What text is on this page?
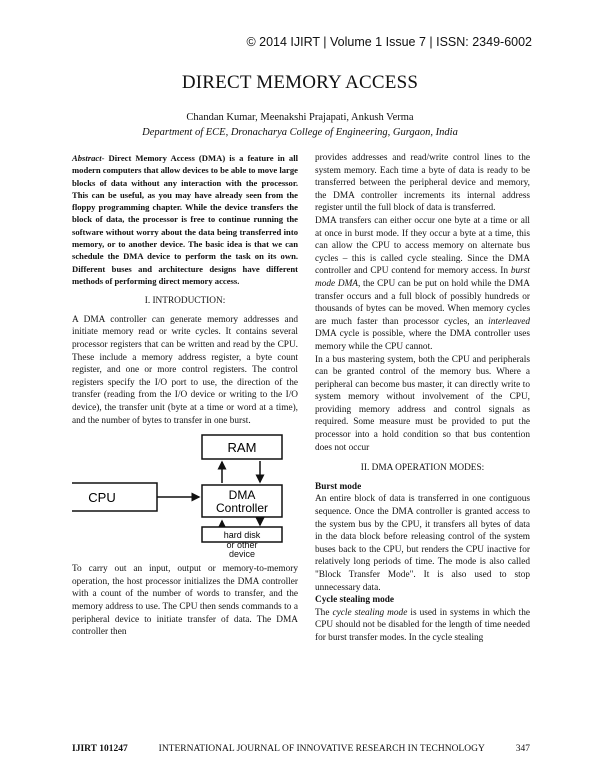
© 2014 IJIRT | Volume 1 Issue 7 | ISSN: 2349-6002
DIRECT MEMORY ACCESS
Chandan Kumar, Meenakshi Prajapati, Ankush Verma
Department of ECE, Dronacharya College of Engineering, Gurgaon, India

Abstract- Direct Memory Access (DMA) is a feature in all modern computers that allow devices to be able to move large blocks of data without any interaction with the processor. This can be useful, as you may have already seen from the floppy programming chapter. While the device transfers the block of data, the processor is free to continue running the software without worry about the data being transferred into memory, or to another device. The basic idea is that we can schedule the DMA device to perform the task on its own. Different buses and architecture designs have different methods of performing direct memory access.

I. INTRODUCTION:

A DMA controller can generate memory addresses and initiate memory read or write cycles. It contains several processor registers that can be written and read by the CPU. These include a memory address register, a byte count register, and one or more control registers. The control registers specify the I/O port to use, the direction of the transfer (reading from the I/O device or writing to the I/O device), the transfer unit (byte at a time or word at a time), and the number of bytes to transfer in one burst.

RAM
CPU	DMA
Controller
hard disk
or other
device

To carry out an input, output or memory-to-memory operation, the host processor initializes the DMA controller with a count of the number of words to transfer, and the memory address to use. The CPU then sends commands to a peripheral device to initiate transfer of data. The DMA controller then

provides addresses and read/write control lines to the system memory. Each time a byte of data is ready to be transferred between the peripheral device and memory, the DMA controller increments its internal address register until the full block of data is transferred.

DMA transfers can either occur one byte at a time or all at once in burst mode. If they occur a byte at a time, this can allow the CPU to access memory on alternate bus cycles – this is called cycle stealing. Since the DMA controller and CPU contend for memory access. In burst mode DMA, the CPU can be put on hold while the DMA transfer occurs and a full block of possibly hundreds or thousands of bytes can be moved. When memory cycles are much faster than processor cycles, an interleaved DMA cycle is possible, where the DMA controller uses memory while the CPU cannot.

In a bus mastering system, both the CPU and peripherals can be granted control of the memory bus. Where a peripheral can become bus master, it can directly write to system memory without involvement of the CPU, providing memory address and control signals as required. Some measure must be provided to put the processor into a hold condition so that bus contention does not occur

II. DMA OPERATION MODES:
Burst mode

An entire block of data is transferred in one contiguous sequence. Once the DMA controller is granted access to the system bus by the CPU, it transfers all bytes of data in the data block before releasing control of the system buses back to the CPU, but renders the CPU inactive for relatively long periods of time. The mode is also called "Block Transfer Mode". It is also used to stop unnecessary data.

Cycle stealing mode

The cycle stealing mode is used in systems in which the CPU should not be disabled for the length of time needed for burst transfer modes. In the cycle stealing

IJIRT 101247	INTERNATIONAL JOURNAL OF INNOVATIVE RESEARCH IN TECHNOLOGY	347
